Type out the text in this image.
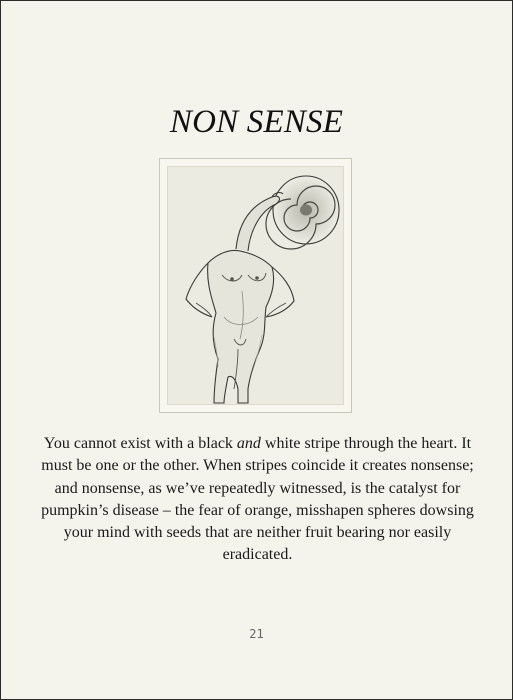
NON SENSE

You cannot exist with a black and white stripe through the heart. It must be one or the other. When stripes coincide it creates nonsense; and nonsense, as we’ve repeatedly witnessed, is the catalyst for pumpkin’s disease – the fear of orange, misshapen spheres dowsing your mind with seeds that are neither fruit bearing nor easily eradicated.

21
